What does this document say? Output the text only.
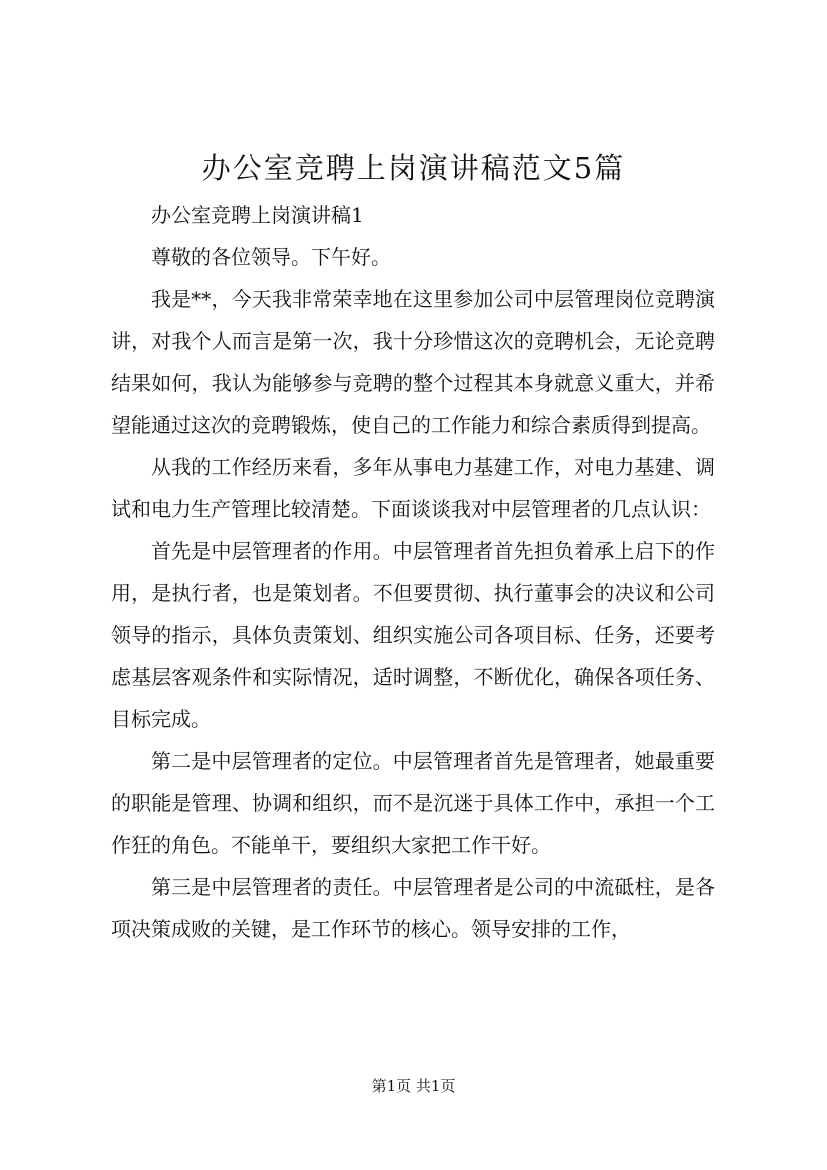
办公室竞聘上岗演讲稿范文5篇

办公室竞聘上岗演讲稿1

尊敬的各位领导。下午好。

我是**，今天我非常荣幸地在这里参加公司中层管理岗位竞聘演讲，对我个人而言是第一次，我十分珍惜这次的竞聘机会，无论竞聘结果如何，我认为能够参与竞聘的整个过程其本身就意义重大，并希望能通过这次的竞聘锻炼，使自己的工作能力和综合素质得到提高。

从我的工作经历来看，多年从事电力基建工作，对电力基建、调试和电力生产管理比较清楚。下面谈谈我对中层管理者的几点认识：

首先是中层管理者的作用。中层管理者首先担负着承上启下的作用，是执行者，也是策划者。不但要贯彻、执行董事会的决议和公司领导的指示，具体负责策划、组织实施公司各项目标、任务，还要考虑基层客观条件和实际情况，适时调整，不断优化，确保各项任务、目标完成。

第二是中层管理者的定位。中层管理者首先是管理者，她最重要的职能是管理、协调和组织，而不是沉迷于具体工作中，承担一个工作狂的角色。不能单干，要组织大家把工作干好。

第三是中层管理者的责任。中层管理者是公司的中流砥柱，是各项决策成败的关键，是工作环节的核心。领导安排的工作，

第1页 共1页
